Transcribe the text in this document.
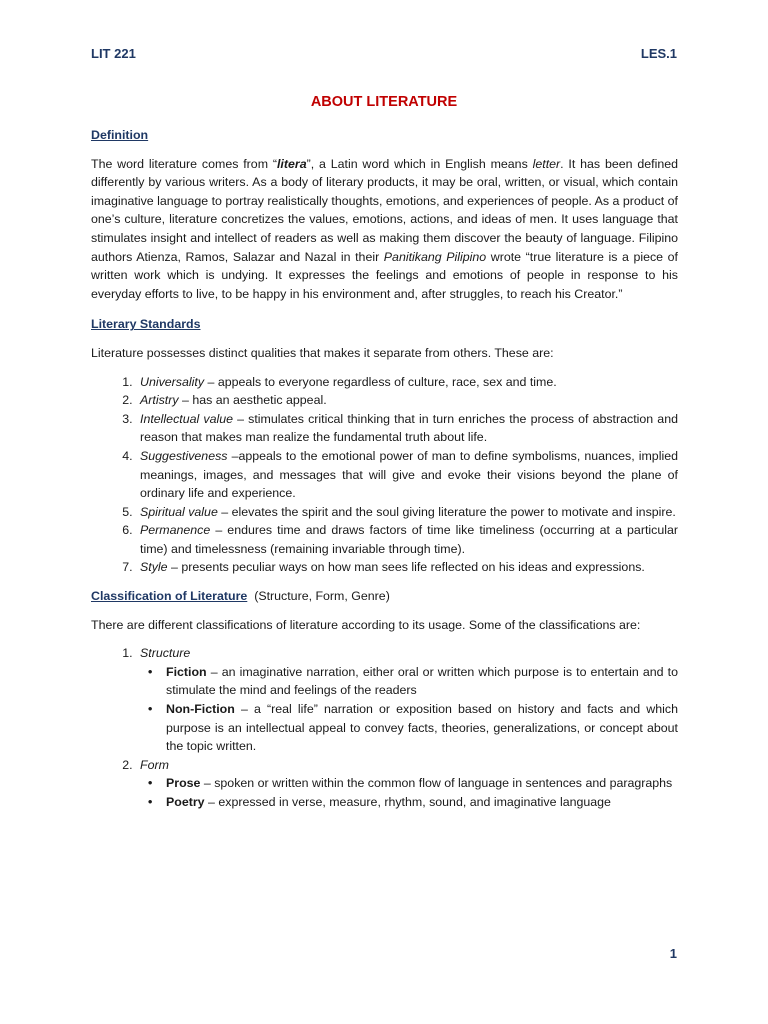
LIT 221	LES.1
ABOUT LITERATURE

Definition

The word literature comes from “litera”, a Latin word which in English means letter. It has been defined differently by various writers. As a body of literary products, it may be oral, written, or visual, which contain imaginative language to portray realistically thoughts, emotions, and experiences of people. As a product of one’s culture, literature concretizes the values, emotions, actions, and ideas of men. It uses language that stimulates insight and intellect of readers as well as making them discover the beauty of language. Filipino authors Atienza, Ramos, Salazar and Nazal in their Panitikang Pilipino wrote “true literature is a piece of written work which is undying. It expresses the feelings and emotions of people in response to his everyday efforts to live, to be happy in his environment and, after struggles, to reach his Creator.”

Literary Standards

Literature possesses distinct qualities that makes it separate from others. These are:

1. Universality – appeals to everyone regardless of culture, race, sex and time.
2. Artistry – has an aesthetic appeal.
3. Intellectual value – stimulates critical thinking that in turn enriches the process of abstraction and reason that makes man realize the fundamental truth about life.
4. Suggestiveness –appeals to the emotional power of man to define symbolisms, nuances, implied meanings, images, and messages that will give and evoke their visions beyond the plane of ordinary life and experience.
5. Spiritual value – elevates the spirit and the soul giving literature the power to motivate and inspire.
6. Permanence – endures time and draws factors of time like timeliness (occurring at a particular time) and timelessness (remaining invariable through time).
7. Style – presents peculiar ways on how man sees life reflected on his ideas and expressions.

Classification of Literature (Structure, Form, Genre)

There are different classifications of literature according to its usage. Some of the classifications are:

1. Structure
• Fiction – an imaginative narration, either oral or written which purpose is to entertain and to stimulate the mind and feelings of the readers
• Non-Fiction – a “real life” narration or exposition based on history and facts and which purpose is an intellectual appeal to convey facts, theories, generalizations, or concept about the topic written.
2. Form
• Prose – spoken or written within the common flow of language in sentences and paragraphs
• Poetry – expressed in verse, measure, rhythm, sound, and imaginative language
1
